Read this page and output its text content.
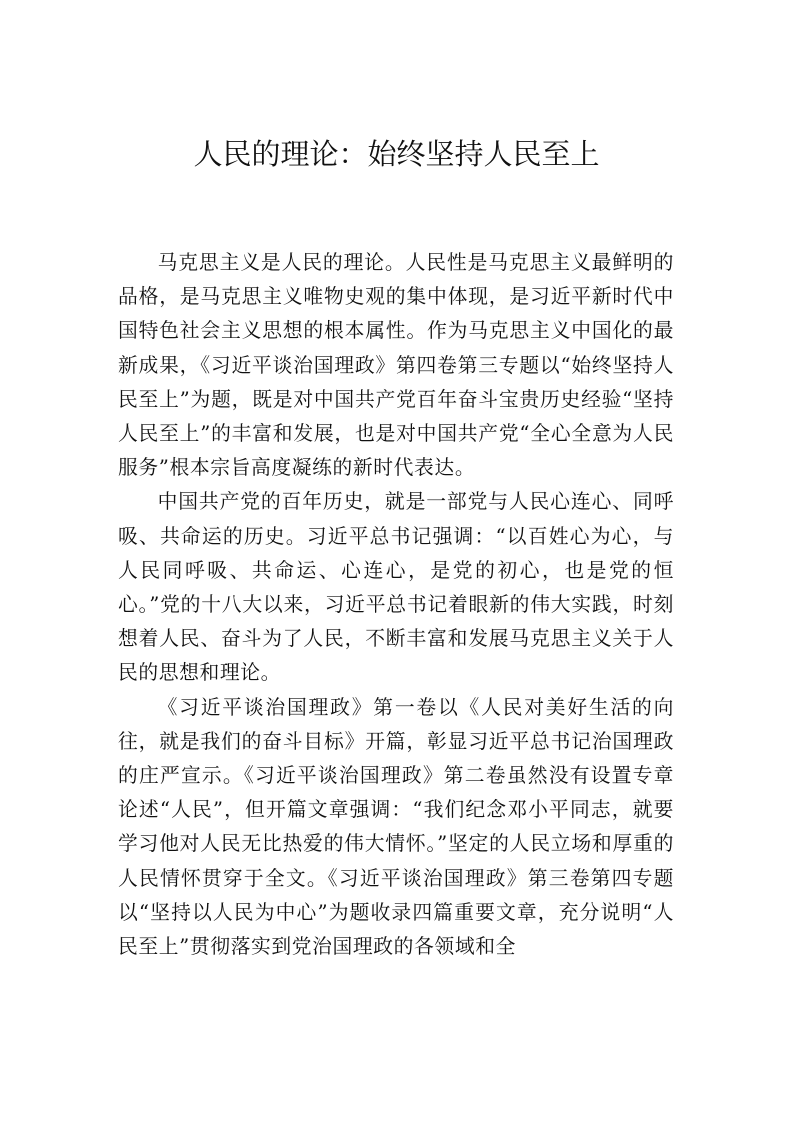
人民的理论：始终坚持人民至上

马克思主义是人民的理论。人民性是马克思主义最鲜明的品格，是马克思主义唯物史观的集中体现，是习近平新时代中国特色社会主义思想的根本属性。作为马克思主义中国化的最新成果，《习近平谈治国理政》第四卷第三专题以“始终坚持人民至上”为题，既是对中国共产党百年奋斗宝贵历史经验“坚持人民至上”的丰富和发展，也是对中国共产党“全心全意为人民服务”根本宗旨高度凝练的新时代表达。

中国共产党的百年历史，就是一部党与人民心连心、同呼吸、共命运的历史。习近平总书记强调：“以百姓心为心，与人民同呼吸、共命运、心连心，是党的初心，也是党的恒心。”党的十八大以来，习近平总书记着眼新的伟大实践，时刻想着人民、奋斗为了人民，不断丰富和发展马克思主义关于人民的思想和理论。

《习近平谈治国理政》第一卷以《人民对美好生活的向往，就是我们的奋斗目标》开篇，彰显习近平总书记治国理政的庄严宣示。《习近平谈治国理政》第二卷虽然没有设置专章论述“人民”，但开篇文章强调：“我们纪念邓小平同志，就要学习他对人民无比热爱的伟大情怀。”坚定的人民立场和厚重的人民情怀贯穿于全文。《习近平谈治国理政》第三卷第四专题以“坚持以人民为中心”为题收录四篇重要文章，充分说明“人民至上”贯彻落实到党治国理政的各领域和全
